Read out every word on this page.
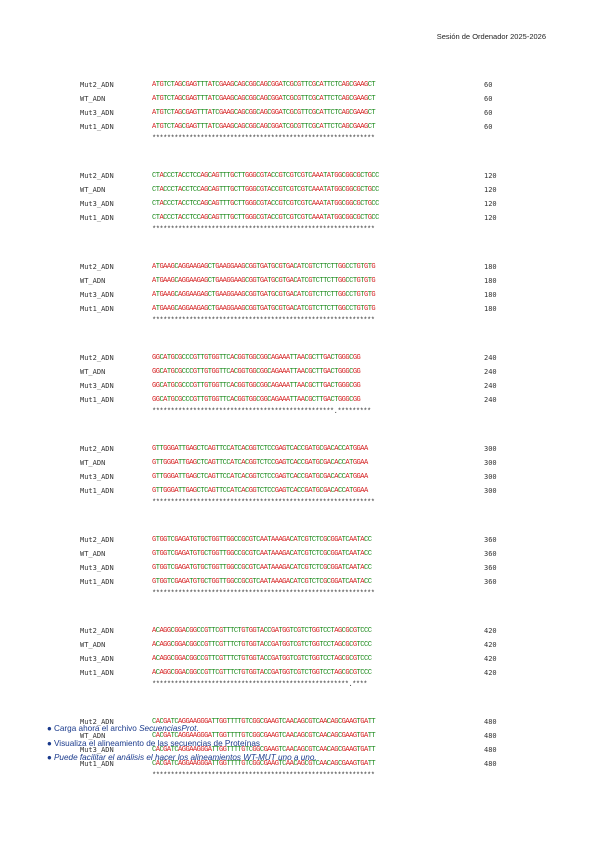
Sesión de Ordenador 2025-2026
Mut2_ADN	ATGTCTAGCGAGTTTATCGAAGCAGCGGCAGCGGATCGCGTTCGCATTCTCAGCGAAGCT	60
WT_ADN	ATGTCTAGCGAGTTTATCGAAGCAGCGGCAGCGGATCGCGTTCGCATTCTCAGCGAAGCT	60
Mut3_ADN	ATGTCTAGCGAGTTTATCGAAGCAGCGGCAGCGGATCGCGTTCGCATTCTCAGCGAAGCT	60
Mut1_ADN	ATGTCTAGCGAGTTTATCGAAGCAGCGGCAGCGGATCGCGTTCGCATTCTCAGCGAAGCT	60
************************************************************
Mut2_ADN	CTACCCTACCTCCAGCAGTTTGCTTGGGCGTACCGTCGTCGTCAAATATGGCGGCGCTGCC	120
WT_ADN	CTACCCTACCTCCAGCAGTTTGCTTGGGCGTACCGTCGTCGTCAAATATGGCGGCGCTGCC	120
Mut3_ADN	CTACCCTACCTCCAGCAGTTTGCTTGGGCGTACCGTCGTCGTCAAATATGGCGGCGCTGCC	120
Mut1_ADN	CTACCCTACCTCCAGCAGTTTGCTTGGGCGTACCGTCGTCGTCAAATATGGCGGCGCTGCC	120
************************************************************
Mut2_ADN	ATGAAGCAGGAAGAGCTGAAGGAAGCGGTGATGCGTGACATCGTCTTCTTGGCCTGTGTG	180
WT_ADN	ATGAAGCAGGAAGAGCTGAAGGAAGCGGTGATGCGTGACATCGTCTTCTTGGCCTGTGTG	180
Mut3_ADN	ATGAAGCAGGAAGAGCTGAAGGAAGCGGTGATGCGTGACATCGTCTTCTTGGCCTGTGTG	180
Mut1_ADN	ATGAAGCAGGAAGAGCTGAAGGAAGCGGTGATGCGTGACATCGTCTTCTTGGCCTGTGTG	180
************************************************************
Mut2_ADN	GGCATGCGCCCGTTGTGGTTCACGGTGGCGGCAGAAATTAACGCTTGACTGGGCGG	240
WT_ADN	GGCATGCGCCCGTTGTGGTTCACGGTGGCGGCAGAAATTAACGCTTGACTGGGCGG	240
Mut3_ADN	GGCATGCGCCCGTTGTGGTTCACGGTGGCGGCAGAAATTAACGCTTGACTGGGCGG	240
Mut1_ADN	GGCATGCGCCCGTTGTGGTTCACGGTGGCGGCAGAAATTAACGCTTGACTGGGCGG	240
*************************************************.*********
Mut2_ADN	GTTGGGATTGAGCTCAGTTCCATCACGGTCTCCGAGTCACCGATGCGACACCATGGAA	300
WT_ADN	GTTGGGATTGAGCTCAGTTCCATCACGGTCTCCGAGTCACCGATGCGACACCATGGAA	300
Mut3_ADN	GTTGGGATTGAGCTCAGTTCCATCACGGTCTCCGAGTCACCGATGCGACACCATGGAA	300
Mut1_ADN	GTTGGGATTGAGCTCAGTTCCATCACGGTCTCCGAGTCACCGATGCGACACCATGGAA	300
************************************************************
Mut2_ADN	GTGGTCGAGATGTGCTGGTTGGCCGCGTCAATAAAGACATCGTCTCGCGGATCAATACC	360
WT_ADN	GTGGTCGAGATGTGCTGGTTGGCCGCGTCAATAAAGACATCGTCTCGCGGATCAATACC	360
Mut3_ADN	GTGGTCGAGATGTGCTGGTTGGCCGCGTCAATAAAGACATCGTCTCGCGGATCAATACC	360
Mut1_ADN	GTGGTCGAGATGTGCTGGTTGGCCGCGTCAATAAAGACATCGTCTCGCGGATCAATACC	360
************************************************************
Mut2_ADN	ACAGGCGGACGGCCGTTCGTTTCTGTGGTACCGATGGTCGTCTGGTCCTAGCGCGTCCC	420
WT_ADN	ACAGGCGGACGGCCGTTCGTTTCTGTGGTACCGATGGTCGTCTGGTCCTAGCGCGTCCC	420
Mut3_ADN	ACAGGCGGACGGCCGTTCGTTTCTGTGGTACCGATGGTCGTCTGGTCCTAGCGCGTCCC	420
Mut1_ADN	ACAGGCGGACGGCCGTTCGTTTCTGTGGTACCGATGGTCGTCTGGTCCTAGCGCGTCCC	420
*****************************************************.****
Mut2_ADN	CACGATCAGGAAGGGATTGGTTTTGTCGGCGAAGTCAACAGCGTCAACAGCGAAGTGATT	480
WT_ADN	CACGATCAGGAAGGGATTGGTTTTGTCGGCGAAGTCAACAGCGTCAACAGCGAAGTGATT	480
Mut3_ADN	CACGATCAGGAAGGGATTGGTTTTGTCGGCGAAGTCAACAGCGTCAACAGCGAAGTGATT	480
Mut1_ADN	CACGATCAGGAAGGGATTGGTTTTGTCGGCGAAGTCAACAGCGTCAACAGCGAAGTGATT	480
************************************************************
● Carga ahora el archivo SecuenciasProt.
● Visualiza el alineamiento de las secuencias de Proteínas
● Puede facilitar el análisis el hacer los alineamientos WT-MUT uno a uno.
